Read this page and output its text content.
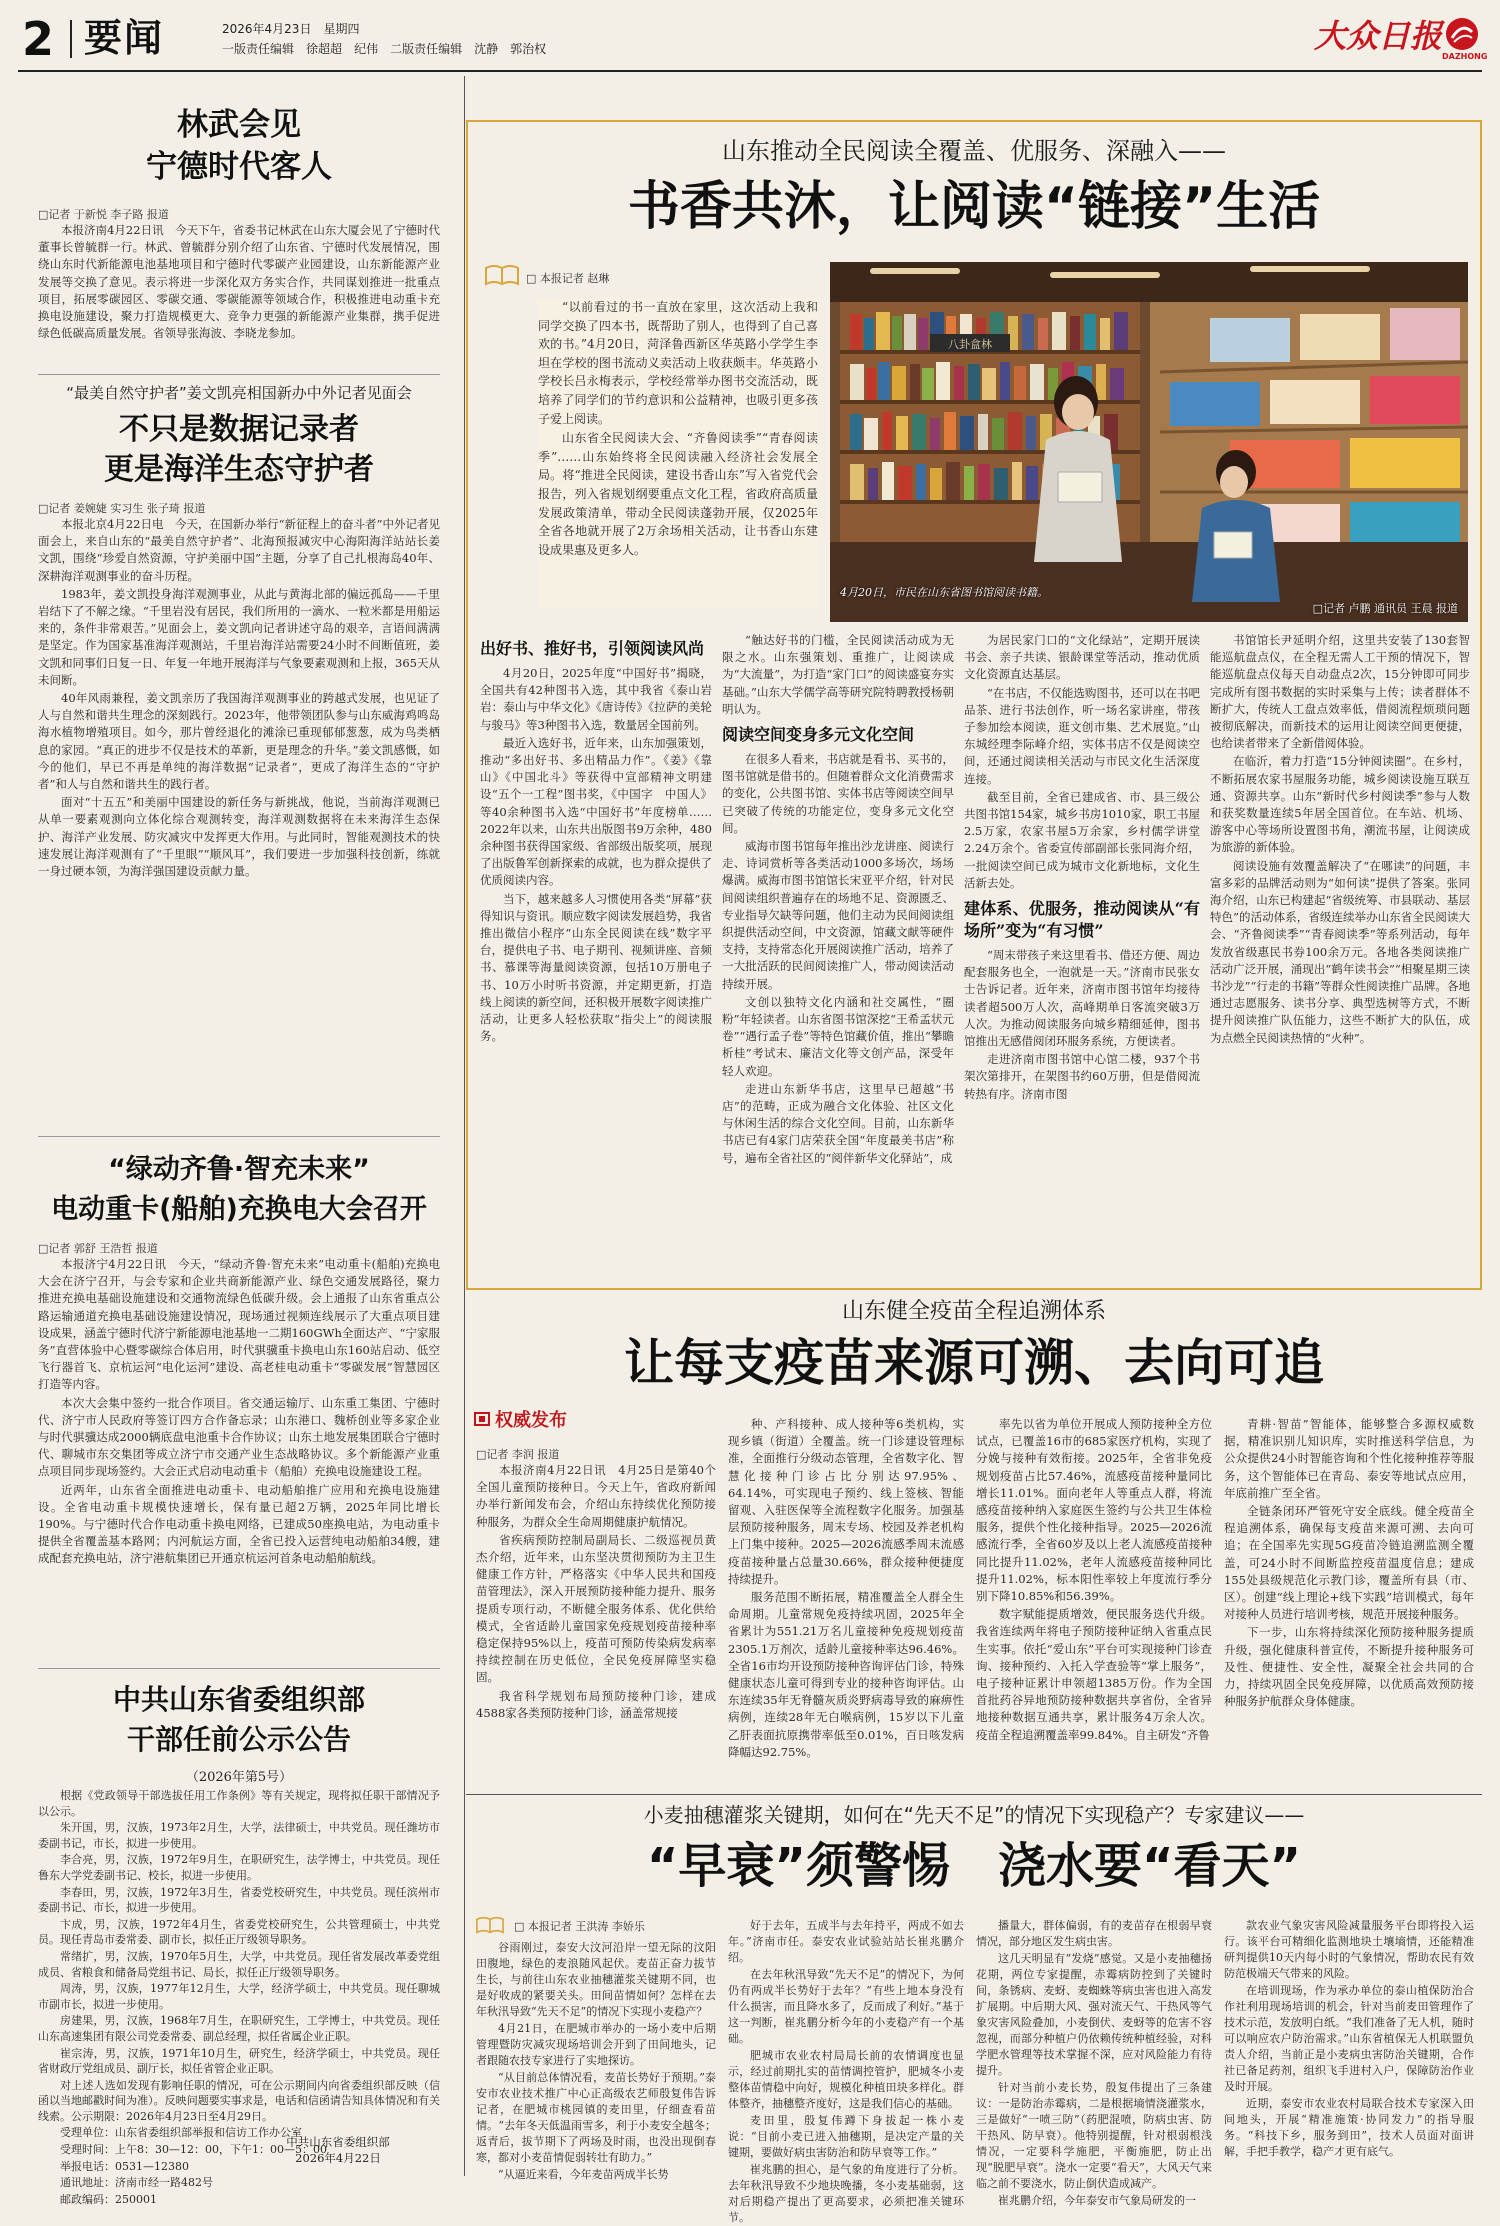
2 要闻	2026年4月23日　 星期四
一版责任编辑　 徐超超　 纪伟　 二版责任编辑　 沈静　 郭治权	大众日报
DAZHONG
林武会见
宁德时代客人
□记者 于新悦 李子路 报道

本报济南4月22日讯　今天下午，省委书记林武在山东大厦会见了宁德时代董事长曾毓群一行。林武、曾毓群分别介绍了山东省、宁德时代发展情况，围绕山东时代新能源电池基地项目和宁德时代零碳产业园建设，山东新能源产业发展等交换了意见。表示将进一步深化双方务实合作，共同谋划推进一批重点项目，拓展零碳园区、零碳交通、零碳能源等领域合作，积极推进电动重卡充换电设施建设，聚力打造规模更大、竞争力更强的新能源产业集群，携手促进绿色低碳高质量发展。省领导张海波、李晓龙参加。

“最美自然守护者”姜文凯亮相国新办中外记者见面会
不只是数据记录者
更是海洋生态守护者
□记者 姜婉婕 实习生 张子琦 报道

本报北京4月22日电　今天，在国新办举行“新征程上的奋斗者”中外记者见面会上，来自山东的“最美自然守护者”、北海预报减灾中心海阳海洋站站长姜文凯，围绕“珍爱自然资源，守护美丽中国”主题，分享了自己扎根海岛40年、深耕海洋观测事业的奋斗历程。

1983年，姜文凯投身海洋观测事业，从此与黄海北部的偏远孤岛——千里岩结下了不解之缘。“千里岩没有居民，我们所用的一滴水、一粒米都是用船运来的，条件非常艰苦。”见面会上，姜文凯向记者讲述守岛的艰辛，言语间满满是坚定。作为国家基准海洋观测站，千里岩海洋站需要24小时不间断值班，姜文凯和同事们日复一日、年复一年地开展海洋与气象要素观测和上报，365天从未间断。

40年风雨兼程，姜文凯亲历了我国海洋观测事业的跨越式发展，也见证了人与自然和谐共生理念的深刻践行。2023年，他带领团队参与山东威海鸡鸣岛海水植物增殖项目。如今，那片曾经退化的滩涂已重现郁郁葱葱，成为鸟类栖息的家园。“真正的进步不仅是技术的革新，更是理念的升华。”姜文凯感慨，如今的他们，早已不再是单纯的海洋数据“记录者”，更成了海洋生态的“守护者”和人与自然和谐共生的践行者。

面对“十五五”和美丽中国建设的新任务与新挑战，他说，当前海洋观测已从单一要素观测向立体化综合观测转变，海洋观测数据将在未来海洋生态保护、海洋产业发展、防灾减灾中发挥更大作用。与此同时，智能观测技术的快速发展让海洋观测有了“千里眼”“顺风耳”，我们要进一步加强科技创新，练就一身过硬本领，为海洋强国建设贡献力量。

“绿动齐鲁·智充未来”
电动重卡(船舶)充换电大会召开
□记者 郭舒 王浩哲 报道

本报济宁4月22日讯　今天，“绿动齐鲁·智充未来”电动重卡(船舶)充换电大会在济宁召开，与会专家和企业共商新能源产业、绿色交通发展路径，聚力推进充换电基础设施建设和交通物流绿色低碳升级。会上通报了山东省重点公路运输通道充换电基础设施建设情况，现场通过视频连线展示了大重点项目建设成果，涵盖宁德时代济宁新能源电池基地一二期160GWh全面达产、“宁家服务”直营体验中心暨零碳综合体启用，时代骐骥重卡换电山东160站启动、低空飞行器首飞、京杭运河“电化运河”建设、高老桂电动重卡“零碳发展”智慧园区打造等内容。

本次大会集中签约一批合作项目。省交通运输厅、山东重工集团、宁德时代、济宁市人民政府等签订四方合作备忘录；山东港口、魏桥创业等多家企业与时代骐骥达成2000辆底盘电池重卡合作协议；山东土地发展集团联合宁德时代、聊城市东交集团等成立济宁市交通产业生态战略协议。多个新能源产业重点项目同步现场签约。大会正式启动电动重卡（船舶）充换电设施建设工程。

近两年，山东省全面推进电动重卡、电动船舶推广应用和充换电设施建设。全省电动重卡规模快速增长，保有量已超2万辆，2025年同比增长190%。与宁德时代合作电动重卡换电网络，已建成50座换电站，为电动重卡提供全省覆盖基本路网；内河航运方面，全省已投入运营纯电动船舶34艘，建成配套充换电站，济宁港航集团已开通京杭运河首条电动船舶航线。

中共山东省委组织部
干部任前公示公告
（2026年第5号）

根据《党政领导干部选拔任用工作条例》等有关规定，现将拟任职干部情况予以公示。

朱开国，男，汉族，1973年2月生，大学，法律硕士，中共党员。现任潍坊市委副书记，市长，拟进一步使用。

李合亮，男，汉族，1972年9月生，在职研究生，法学博士，中共党员。现任鲁东大学党委副书记、校长，拟进一步使用。

李春田，男，汉族，1972年3月生，省委党校研究生，中共党员。现任滨州市委副书记、市长，拟进一步使用。

卞成，男，汉族，1972年4月生，省委党校研究生，公共管理硕士，中共党员。现任青岛市委常委、副市长，拟任正厅级领导职务。

常绪扩，男，汉族，1970年5月生，大学，中共党员。现任省发展改革委党组成员、省粮食和储备局党组书记、局长，拟任正厅级领导职务。

周涛，男，汉族，1977年12月生，大学，经济学硕士，中共党员。现任聊城市副市长，拟进一步使用。

房建果，男，汉族，1968年7月生，在职研究生，工学博士，中共党员。现任山东高速集团有限公司党委常委、副总经理，拟任省属企业正职。

崔宗涛，男，汉族，1971年10月生，研究生，经济学硕士，中共党员。现任省财政厅党组成员、副厅长，拟任省管企业正职。

对上述人选如发现有影响任职的情况，可在公示期间内向省委组织部反映（信函以当地邮戳时间为准）。反映问题要实事求是，电话和信函请告知具体情况和有关线索。公示期限：2026年4月23日至4月29日。

受理单位：山东省委组织部举报和信访工作办公室

受理时间：上午8：30—12：00，下午1：00—5：00

举报电话：0531—12380

通讯地址：济南市经一路482号

邮政编码：250001

中共山东省委组织部
2026年4月22日
山东推动全民阅读全覆盖、优服务、深融入——
书香共沐，让阅读“链接”生活
□ 本报记者 赵琳

“以前看过的书一直放在家里，这次活动上我和同学交换了四本书，既帮助了别人，也得到了自己喜欢的书。”4月20日，菏泽鲁西新区华英路小学学生李坦在学校的图书流动义卖活动上收获颇丰。华英路小学校长吕永梅表示，学校经常举办图书交流活动，既培养了同学们的节约意识和公益精神，也吸引更多孩子爱上阅读。

山东省全民阅读大会、“齐鲁阅读季”“青春阅读季”……山东始终将全民阅读融入经济社会发展全局。将“推进全民阅读，建设书香山东”写入省党代会报告，列入省规划纲要重点文化工程，省政府高质量发展政策清单，带动全民阅读蓬勃开展，仅2025年全省各地就开展了2万余场相关活动，让书香山东建设成果惠及更多人。

八卦盒林
4月20日，市民在山东省图书馆阅读书籍。
□记者 卢鹏 通讯员 王晨 报道
出好书、推好书，引领阅读风尚

4月20日，2025年度“中国好书”揭晓，全国共有42种图书入选，其中我省《泰山岩岩：泰山与中华文化》《唐诗传》《拉萨的美轮与骏马》等3种图书入选，数量居全国前列。

最近入选好书，近年来，山东加强策划，推动“多出好书、多出精品力作”。《姜》《靠山》《中国北斗》等获得中宣部精神文明建设“五个一工程”图书奖，《中国字　中国人》等40余种图书入选“中国好书”年度榜单……2022年以来，山东共出版图书9万余种，480余种图书获得国家级、省部级出版奖项，展现了出版鲁军创新探索的成就，也为群众提供了优质阅读内容。

当下，越来越多人习惯使用各类“屏幕”获得知识与资讯。顺应数字阅读发展趋势，我省推出微信小程序“山东全民阅读在线”数字平台，提供电子书、电子期刊、视频讲座、音频书、慕课等海量阅读资源，包括10万册电子书、10万小时听书资源，并定期更新，打造线上阅读的新空间，还积极开展数字阅读推广活动，让更多人轻松获取“指尖上”的阅读服务。

“触达好书的门槛，全民阅读活动成为无限之水。山东强策划、重推广，让阅读成为“大流量”，为打造“家门口”的阅读盛宴夯实基础。”山东大学儒学高等研究院特聘教授杨朝明认为。

阅读空间变身多元文化空间

在很多人看来，书店就是看书、买书的，图书馆就是借书的。但随着群众文化消费需求的变化，公共图书馆、实体书店等阅读空间早已突破了传统的功能定位，变身多元文化空间。

威海市图书馆每年推出沙龙讲座、阅读行走、诗词赏析等各类活动1000多场次，场场爆满。威海市图书馆馆长宋亚平介绍，针对民间阅读组织普遍存在的场地不足、资源匮乏、专业指导欠缺等问题，他们主动为民间阅读组织提供活动空间，中文资源，馆藏文献等硬件支持，支持常态化开展阅读推广活动，培养了一大批活跃的民间阅读推广人，带动阅读活动持续开展。

文创以独特文化内涵和社交属性，“圈粉”年轻读者。山东省图书馆深挖“王希孟状元卷”“遇行孟子卷”等特色馆藏价值，推出“攀瞻析桂”考试末、廉洁文化等文创产品，深受年轻人欢迎。

走进山东新华书店，这里早已超越“书店”的范畴，正成为融合文化体验、社区文化与休闲生活的综合文化空间。目前，山东新华书店已有4家门店荣获全国“年度最美书店”称号，遍布全省社区的“阅伴新华文化驿站”，成

为居民家门口的“文化绿站”，定期开展读书会、亲子共读、银龄课堂等活动，推动优质文化资源直达基层。

“在书店，不仅能选购图书，还可以在书吧品茶、进行书法创作，听一场名家讲座，带孩子参加绘本阅读，逛文创市集、艺术展览。”山东城经理李际峰介绍，实体书店不仅是阅读空间，还通过阅读相关活动与市民文化生活深度连接。

截至目前，全省已建成省、市、县三级公共图书馆154家，城乡书房1010家，职工书屋2.5万家，农家书屋5万余家，乡村儒学讲堂2.24万余个。省委宣传部副部长张同海介绍，一批阅读空间已成为城市文化新地标，文化生活新去处。

建体系、优服务，推动阅读从“有场所”变为“有习惯”

“周末带孩子来这里看书、借还方便、周边配套服务也全，一泡就是一天。”济南市民张女士告诉记者。近年来，济南市图书馆年均接待读者超500万人次，高峰期单日客流突破3万人次。为推动阅读服务向城乡精细延伸，图书馆推出无感借阅闭环服务系统，方便读者。

走进济南市图书馆中心馆二楼，937个书架次第排开，在架图书约60万册，但是借阅流转热有序。济南市图

书馆馆长尹延明介绍，这里共安装了130套智能巡航盘点仪，在全程无需人工干预的情况下，智能巡航盘点仪每天自动盘点2次，15分钟即可同步完成所有图书数据的实时采集与上传；读者群体不断扩大，传统人工盘点效率低，借阅流程烦琐问题被彻底解决，而新技术的运用让阅读空间更便捷，也给读者带来了全新借阅体验。

在临沂，着力打造“15分钟阅读圈”。在乡村，不断拓展农家书屋服务功能，城乡阅读设施互联互通、资源共享。山东“新时代乡村阅读季”参与人数和获奖数量连续5年居全国首位。在车站、机场、游客中心等场所设置图书角，潮流书屋，让阅读成为旅游的新体验。

阅读设施有效覆盖解决了“在哪读”的问题，丰富多彩的品牌活动则为“如何读”提供了答案。张同海介绍，山东已构建起“省级统筹、市县联动、基层特色”的活动体系，省级连续举办山东省全民阅读大会、“齐鲁阅读季”“青春阅读季”等系列活动，每年发放省级惠民书券100余万元。各地各类阅读推广活动广泛开展，涌现出“鹤年读书会”“相聚星期三读书沙龙”“行走的书籍”等群众性阅读推广品牌。各地通过志愿服务、读书分享、典型选树等方式，不断提升阅读推广队伍能力，这些不断扩大的队伍，成为点燃全民阅读热情的“火种”。

山东健全疫苗全程追溯体系
让每支疫苗来源可溯、去向可追
权威发布
□记者 李润 报道

本报济南4月22日讯　4月25日是第40个全国儿童预防接种日。今天上午，省政府新闻办举行新闻发布会，介绍山东持续优化预防接种服务，为群众全生命周期健康护航情况。

省疾病预防控制局副局长、二级巡视员黄杰介绍，近年来，山东坚决贯彻预防为主卫生健康工作方针，严格落实《中华人民共和国疫苗管理法》，深入开展预防接种能力提升、服务提质专项行动，不断健全服务体系、优化供给模式，全省适龄儿童国家免疫规划疫苗接种率稳定保持95%以上，疫苗可预防传染病发病率持续控制在历史低位，全民免疫屏障坚实稳固。

我省科学规划布局预防接种门诊，建成4588家各类预防接种门诊，涵盖常规接

种、产科接种、成人接种等6类机构，实现乡镇（街道）全覆盖。统一门诊建设管理标准，全面推行分级动态管理，全省数字化、智慧化接种门诊占比分别达97.95%、64.14%，可实现电子预约、线上签核、智能留观、入驻医保等全流程数字化服务。加强基层预防接种服务，周末专场、校园及养老机构上门集中接种。2025—2026流感季周末流感疫苗接种量占总量30.66%，群众接种便捷度持续提升。

服务范围不断拓展，精准覆盖全人群全生命周期。儿童常规免疫持续巩固，2025年全省累计为551.21万名儿童接种免疫规划疫苗2305.1万剂次，适龄儿童接种率达96.46%。全省16市均开设预防接种咨询评估门诊，特殊健康状态儿童可得到专业的接种咨询评估。山东连续35年无脊髓灰质炎野病毒导致的麻痹性病例，连续28年无白喉病例，15岁以下儿童乙肝表面抗原携带率低至0.01%，百日咳发病降幅达92.75%。

率先以省为单位开展成人预防接种全方位试点，已覆盖16市的685家医疗机构，实现了分娩与接种有效衔接。2025年，全省非免疫规划疫苗占比57.46%，流感疫苗接种量同比增长11.01%。面向老年人等重点人群，将流感疫苗接种纳入家庭医生签约与公共卫生体检服务，提供个性化接种指导。2025—2026流感流行季，全省60岁及以上老人流感疫苗接种同比提升11.02%，老年人流感疫苗接种同比提升11.02%，标本阳性率较上年度流行季分别下降10.85%和56.39%。

数字赋能提质增效，便民服务迭代升级。我省连续两年将电子预防接种证纳入省重点民生实事。依托“爱山东”平台可实现接种门诊查询、接种预约、入托入学查验等“掌上服务”，电子接种证累计申领超1385万份。作为全国首批药谷异地预防接种数据共享省份，全省异地接种数据互通共享，累计服务4万余人次。疫苗全程追溯覆盖率99.84%。自主研发“齐鲁

青耕·智苗”智能体，能够整合多源权威数据，精准识别儿知识库，实时推送科学信息，为公众提供24小时智能咨询和个性化接种推荐等服务，这个智能体已在青岛、泰安等地试点应用，年底前推广至全省。

全链条闭环严管死守安全底线。健全疫苗全程追溯体系，确保每支疫苗来源可溯、去向可追；在全国率先实现5G疫苗冷链追溯监测全覆盖，可24小时不间断监控疫苗温度信息；建成155处县级规范化示教门诊，覆盖所有县（市、区）。创建“线上理论+线下实践”培训模式，每年对接种人员进行培训考核，规范开展接种服务。

下一步，山东将持续深化预防接种服务提质升级，强化健康科普宣传，不断提升接种服务可及性、便捷性、安全性，凝聚全社会共同的合力，持续巩固全民免疫屏障，以优质高效预防接种服务护航群众身体健康。

小麦抽穗灌浆关键期，如何在“先天不足”的情况下实现稳产？专家建议——
“早衰”须警惕　 浇水要“看天”
□ 本报记者 王洪涛 李娇乐

谷雨刚过，泰安大汶河沿岸一望无际的汶阳田腹地，绿色的麦浪随风起伏。麦苗正奋力拔节生长，与前往山东农业抽穗灌浆关键期不同，也是好收成的紧要关头。田间苗情如何？怎样在去年秋汛导致“先天不足”的情况下实现小麦稳产？

4月21日，在肥城市举办的一场小麦中后期管理暨防灾减灾现场培训会开到了田间地头，记者跟随农技专家进行了实地探访。

“从目前总体情况看，麦苗长势好于预期。”泰安市农业技术推广中心正高级农艺师殷复伟告诉记者，在肥城市桃园镇的麦田里，仔细查看苗情。“去年冬天低温雨雪多，利于小麦安全越冬；返青后，拔节期下了两场及时雨，也没出现倒春寒，都对小麦苗情促弱转壮有助力。”

“从逼近来看，今年麦苗两成半长势

好于去年，五成半与去年持平，两成不如去年。”济南市任。泰安农业试验站站长崔兆鹏介绍。

在去年秋汛导致“先天不足”的情况下，为何仍有两成半长势好于去年？“有些上地本身没有什么损害，而且降水多了，反而成了利好。”基于这一判断，崔兆鹏分析今年的小麦稳产有一个基础。

肥城市农业农村局局长前的农情调度也显示，经过前期扎实的苗情调控管护，肥城冬小麦整体苗情稳中向好，规模化种植田块多样化。群体整齐，抽穗整齐度好，这是我们信心的基础。

麦田里，殷复伟蹲下身拔起一株小麦说：“目前小麦已进入抽穗期，是决定产量的关键期，要做好病虫害防治和防早衰等工作。”

崔兆鹏的担心，是气象的角度进行了分析。去年秋汛导致不少地块晚播，冬小麦基础弱，这对后期稳产提出了更高要求，必须把准关键环节。

播量大，群体偏弱，有的麦苗存在根弱早衰情况，部分地区发生病虫害。

这几天明显有“发烧”感觉。又是小麦抽穗扬花期，两位专家提醒，赤霉病防控到了关键时间，条锈病、麦蚜、麦蜘蛛等病虫害也进入高发扩展期。中后期大风、强对流天气、干热风等气象灾害风险叠加，小麦倒伏、麦蚜等的危害不容忽视，而部分种植户仍依赖传统种植经验，对科学肥水管理等技术掌握不深，应对风险能力有待提升。

针对当前小麦长势，殷复伟提出了三条建议：一是防治赤霉病，二是根据墒情浇灌浆水，三是做好“一喷三防”（药肥混喷，防病虫害、防干热风、防早衰）。他特别提醒，针对根弱根浅情况，一定要科学施肥，平衡施肥，防止出现“脱肥早衰”。浇水一定要“看天”，大风天气来临之前不要浇水，防止倒伏造成减产。

崔兆鹏介绍，今年泰安市气象局研发的一

款农业气象灾害风险减量服务平台即将投入运行。该平台可精细化监测地块土壤墒情，还能精准研判提供10天内每小时的气象情况，帮助农民有效防范极端天气带来的风险。

在培训现场，作为承办单位的泰山植保防治合作社利用现场培训的机会，针对当前麦田管理作了技术示范，发放明白纸。“我们准备了无人机，随时可以响应农户防治需求。”山东省植保无人机联盟负责人介绍，当前正是小麦病虫害防治关键期，合作社已备足药剂，组织飞手进村入户，保障防治作业及时开展。

近期，泰安市农业农村局联合技术专家深入田间地头，开展“精准施策·协同发力”的指导服务。“科技下乡，服务到田”，技术人员面对面讲解，手把手教学，稳产才更有底气。
